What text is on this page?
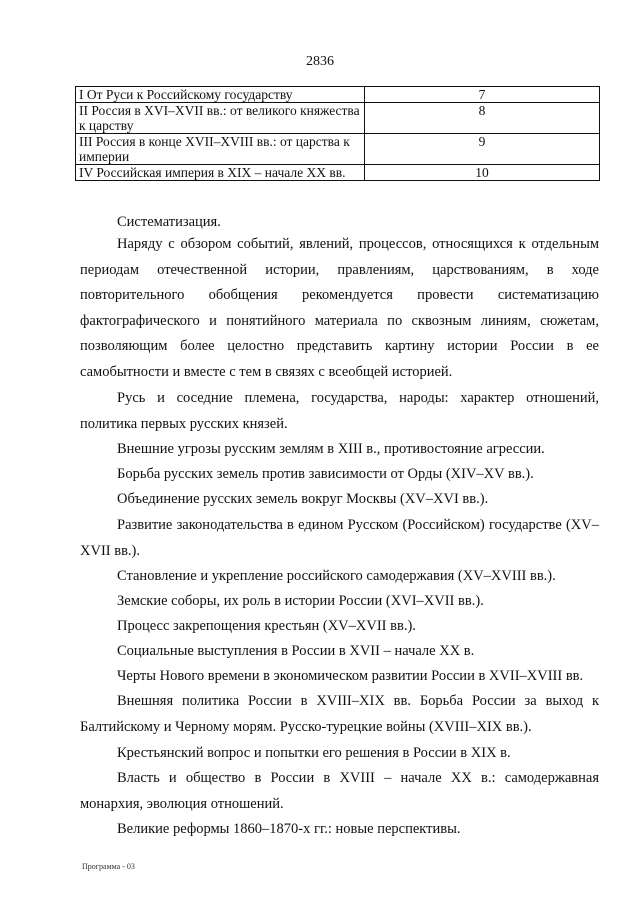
2836
I От Руси к Российскому государству	7
II Россия в XVI–XVII вв.: от великого княжества к царству	8
III Россия в конце XVII–XVIII вв.: от царства к империи	9
IV Российская империя в XIX – начале XX вв.	10
Систематизация.

Наряду с обзором событий, явлений, процессов, относящихся к отдельным периодам отечественной истории, правлениям, царствованиям, в ходе повторительного обобщения рекомендуется провести систематизацию фактографического и понятийного материала по сквозным линиям, сюжетам, позволяющим более целостно представить картину истории России в ее самобытности и вместе с тем в связях с всеобщей историей.

Русь и соседние племена, государства, народы: характер отношений, политика первых русских князей.

Внешние угрозы русским землям в XIII в., противостояние агрессии.

Борьба русских земель против зависимости от Орды (XIV–XV вв.).

Объединение русских земель вокруг Москвы (XV–XVI вв.).

Развитие законодательства в едином Русском (Российском) государстве (XV–XVII вв.).

Становление и укрепление российского самодержавия (XV–XVIII вв.).

Земские соборы, их роль в истории России (XVI–XVII вв.).

Процесс закрепощения крестьян (XV–XVII вв.).

Социальные выступления в России в XVII – начале XX в.

Черты Нового времени в экономическом развитии России в XVII–XVIII вв.

Внешняя политика России в XVIII–XIX вв. Борьба России за выход к Балтийскому и Черному морям. Русско-турецкие войны (XVIII–XIX вв.).

Крестьянский вопрос и попытки его решения в России в XIX в.

Власть и общество в России в XVIII – начале XX в.: самодержавная монархия, эволюция отношений.

Великие реформы 1860–1870-х гг.: новые перспективы.

Программа - 03
